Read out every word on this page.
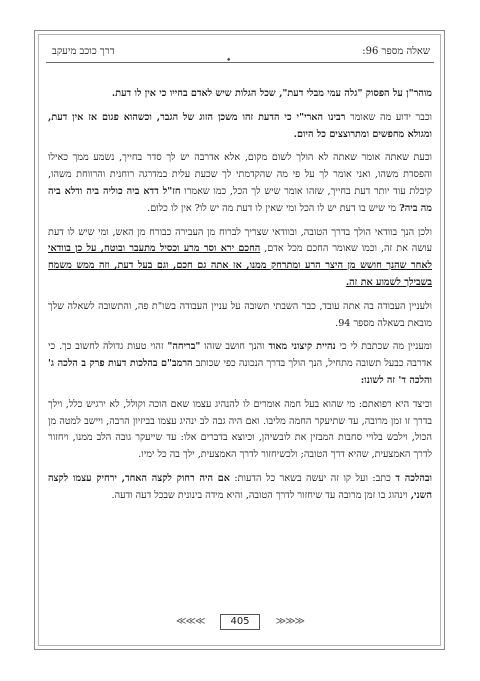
שאלה מספר 96:
דרך כוכב מיעקב
•

מוהר"ן על הפסוק "גלה עמי מבלי דעת", שכל הגלות שיש לאדם בחייו כי אין לו דעת.

וכבר ידוע מה שאומר רבינו הארי"י כי הדעת זהו משכן הזוג של הגבר, וכשהוא פגום אז אין דעת, ומגולא מחפשים ומתרוצצים כל היום.

וכעת שאתה אומר שאתה לא הולך לשום מקום, אלא אדרבה יש לך סדר בחייך, נשמע ממך כאילו והפסדת משהו, ואני אומר לך על פי מה שהקדמתי לך שכעת עלית במדרגה רוחנית והרווחת משהו, קיבלת עוד יותר דעת בחייך, שזהו אומר שיש לך הכל, כמו שאמרו חז"ל דדא ביה כוליה ביה ודלא ביה מה ביה? מי שיש בו דעת יש לו הכל ומי שאין לו דעת מה יש לו? אין לו כלום.

ולכן הנך בוודאי הולך בדרך הטובה, ובוודאי שצריך לברוח מן העבירה כבורח מן האש, ומי שיש לו דעת עושה את זה, וכמו שאומר החכם מכל אדם, החכם ירא וסר מרע וכסיל מתעבר ובוטח, על כן בוודאי לאחר שהנך חושש מן היצר הרע ומתרחק ממנו, אז אתה גם חכם, וגם בעל דעת, וזה ממש משמח בשבילך לשמוע את זה.

ולעניין העבודה בה אתה עובד, כבר השבתי תשובה על עניין העבודה בשו"ת פה, והתשובה לשאלה שלך מובאת בשאלה מספר 94.

ומעניין מה שכתבת לי כי נהיית קיצוני מאוד והנך חושב שזהו "בריחה" זהוי טעות גדולה לחשוב כך. כי אדרבה כבעל תשובה מתחיל, הנך הולך בדרך הנכונה כפי שכותב הרמב"ם בהלכות דעות פרק ב הלכה ג' והלכה ד' זה לשונו:

וכיצד היא רפואתם: מי שהוא בעל חמה אומרים לו להנהיג עצמו שאם הוכה וקולל, לא ירגיש כלל, וילך בדרך זו זמן מרובה, עד שתיעקר החמה מליבו. ואם היה גבה לב ינהיג עצמו בביזיון הרבה, ויישב למטה מן הכול, וילבש בלויי סחבות המבזין את לובשיהן, וכיוצא בדברים אלו: עד שייעקר גובה הלב ממנו, ויחזור לדרך האמצעית, שהיא דרך הטובה; ולכשיחזור לדרך האמצעית, ילך בה כל ימיו.

ובהלכה ד כתב: ועל קו זה יעשה בשאר כל הדעות: אם היה רחוק לקצה האחד, ירחיק עצמו לקצה השני, וינהוג בו זמן מרובה עד שיחזור לדרך הטובה, והיא מידה בינונית שבכל דעה ודעה.

≪≪≪	405	≫≫≫
